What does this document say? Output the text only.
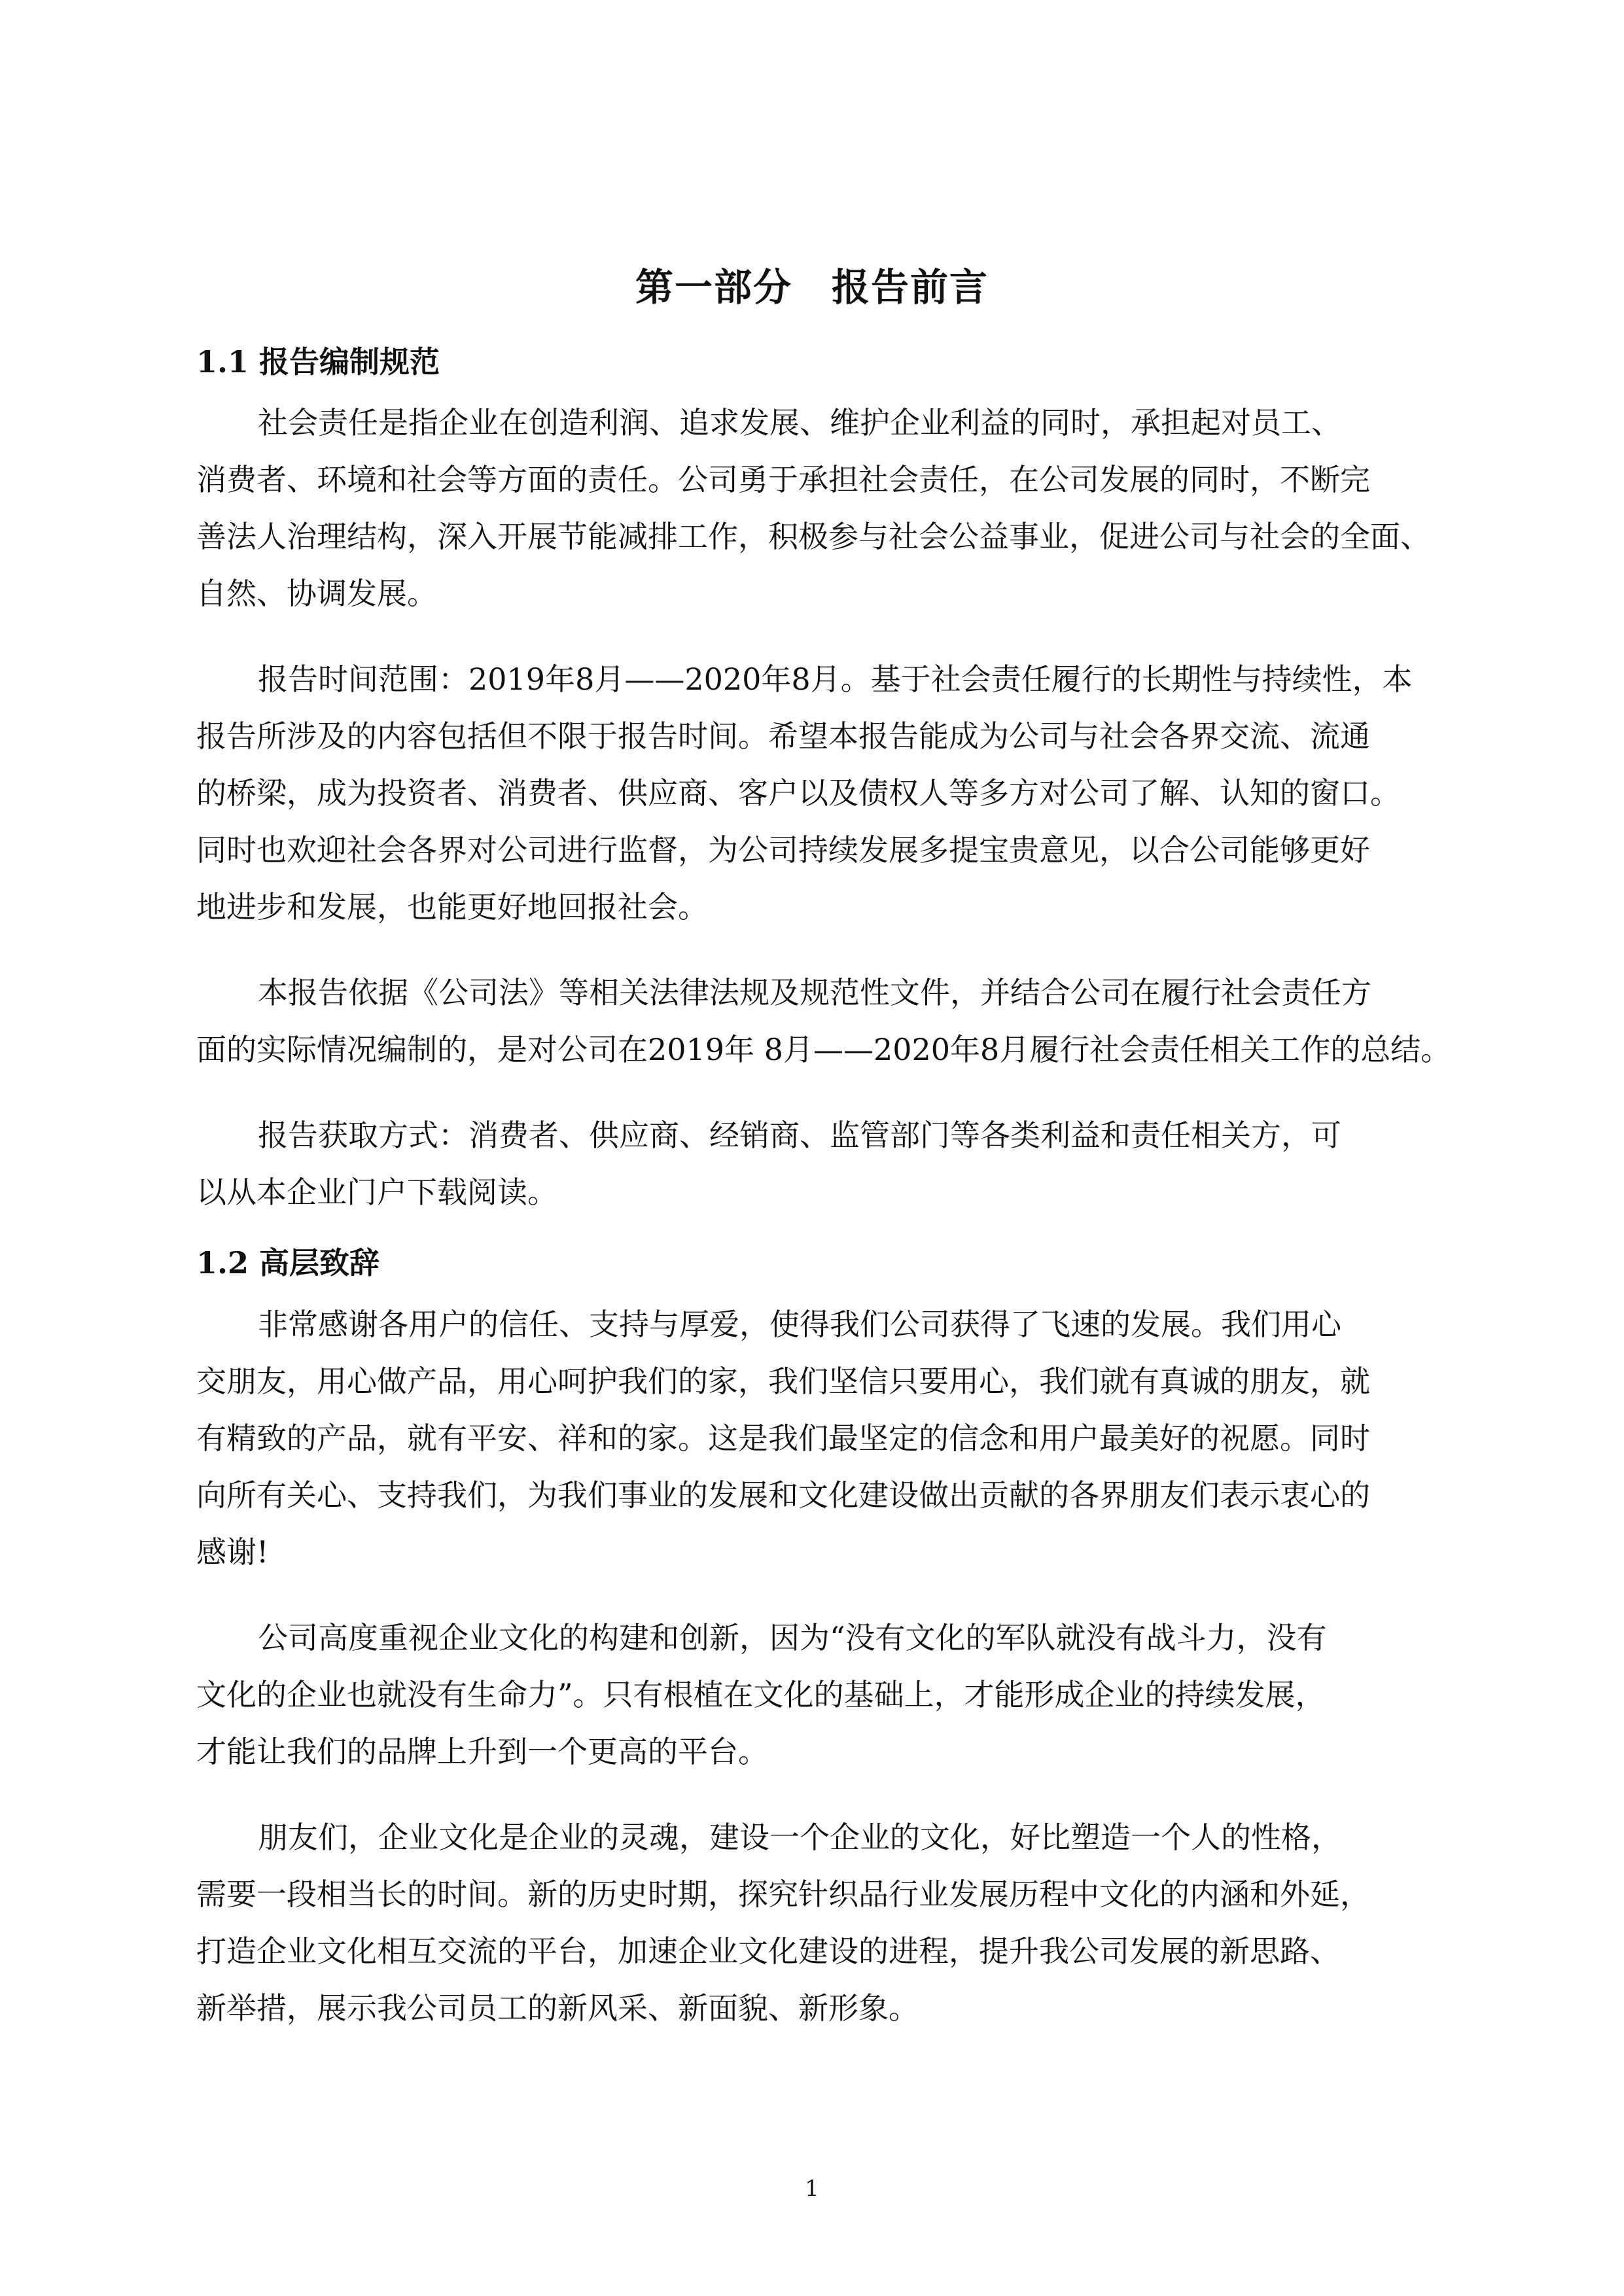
第一部分　报告前言
1.1 报告编制规范
社会责任是指企业在创造利润、追求发展、维护企业利益的同时，承担起对员工、
消费者、环境和社会等方面的责任。公司勇于承担社会责任，在公司发展的同时，不断完
善法人治理结构，深入开展节能减排工作，积极参与社会公益事业，促进公司与社会的全面、
自然、协调发展。
报告时间范围：2019年8月——2020年8月。基于社会责任履行的长期性与持续性，本
报告所涉及的内容包括但不限于报告时间。希望本报告能成为公司与社会各界交流、流通
的桥梁，成为投资者、消费者、供应商、客户以及债权人等多方对公司了解、认知的窗口。
同时也欢迎社会各界对公司进行监督，为公司持续发展多提宝贵意见，以合公司能够更好
地进步和发展，也能更好地回报社会。
本报告依据《公司法》等相关法律法规及规范性文件，并结合公司在履行社会责任方
面的实际情况编制的，是对公司在2019年 8月——2020年8月履行社会责任相关工作的总结。
报告获取方式：消费者、供应商、经销商、监管部门等各类利益和责任相关方，可
以从本企业门户下载阅读。
1.2 高层致辞
非常感谢各用户的信任、支持与厚爱，使得我们公司获得了飞速的发展。我们用心
交朋友，用心做产品，用心呵护我们的家，我们坚信只要用心，我们就有真诚的朋友，就
有精致的产品，就有平安、祥和的家。这是我们最坚定的信念和用户最美好的祝愿。同时
向所有关心、支持我们，为我们事业的发展和文化建设做出贡献的各界朋友们表示衷心的
感谢!
公司高度重视企业文化的构建和创新，因为“没有文化的军队就没有战斗力，没有
文化的企业也就没有生命力”。只有根植在文化的基础上，才能形成企业的持续发展，
才能让我们的品牌上升到一个更高的平台。
朋友们，企业文化是企业的灵魂，建设一个企业的文化，好比塑造一个人的性格，
需要一段相当长的时间。新的历史时期，探究针织品行业发展历程中文化的内涵和外延，
打造企业文化相互交流的平台，加速企业文化建设的进程，提升我公司发展的新思路、
新举措，展示我公司员工的新风采、新面貌、新形象。
1
